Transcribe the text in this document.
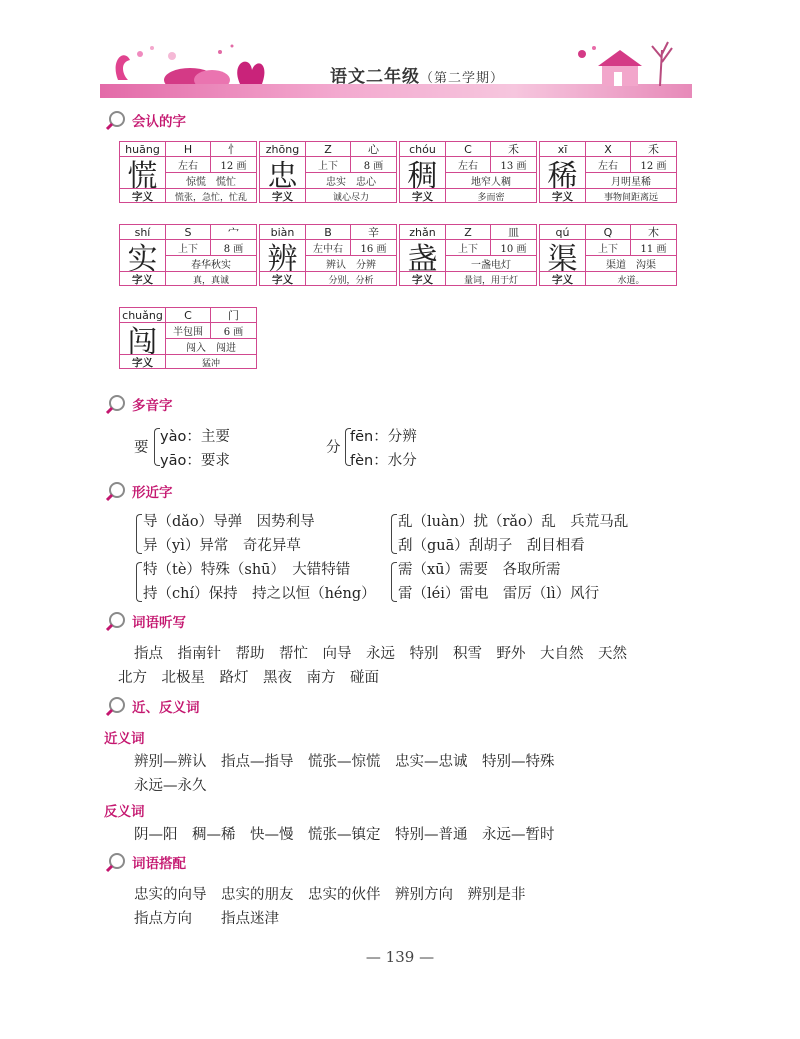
语文二年级（第二学期）
会认的字
huāng	H	忄
慌	左右	12 画
惊慌　慌忙
字义	慌张，急忙，忙乱
zhōng	Z	心
忠	上下	8 画
忠实　忠心
字义	诚心尽力
chóu	C	禾
稠	左右	13 画
地窄人稠
字义	多而密
xī	X	禾
稀	左右	12 画
月明星稀
字义	事物间距离远
shí	S	宀
实	上下	8 画
春华秋实
字义	真，真诚
biàn	B	辛
辨	左中右	16 画
辨认　分辨
字义	分别，分析
zhǎn	Z	皿
盏	上下	10 画
一盏电灯
字义	量词，用于灯
qú	Q	木
渠	上下	11 画
渠道　沟渠
字义	水道。
chuǎng	C	门
闯	半包围	6 画
闯入　闯进
字义	猛冲
多音字
要
yào：主要
yāo：要求
分
fēn：分辨
fèn：水分
形近字
导（dǎo）导弹　因势利导
异（yì）异常　奇花异草
特（tè）特殊（shū）　大错特错
持（chí）保持　持之以恒（héng）
乱（luàn）扰（rǎo）乱　兵荒马乱
刮（guā）刮胡子　刮目相看
需（xū）需要　各取所需
雷（léi）雷电　雷厉（lì）风行
词语听写
指点　指南针　帮助　帮忙　向导　永远　特别　积雪　野外　大自然　天然
北方　北极星　路灯　黑夜　南方　碰面
近、反义词
近义词
辨别—辨认　指点—指导　慌张—惊慌　忠实—忠诚　特别—特殊
永远—永久
反义词
阴—阳　稠—稀　快—慢　慌张—镇定　特别—普通　永远—暂时
词语搭配
忠实的向导　忠实的朋友　忠实的伙伴　辨别方向　辨别是非
指点方向　　指点迷津
— 139 —
